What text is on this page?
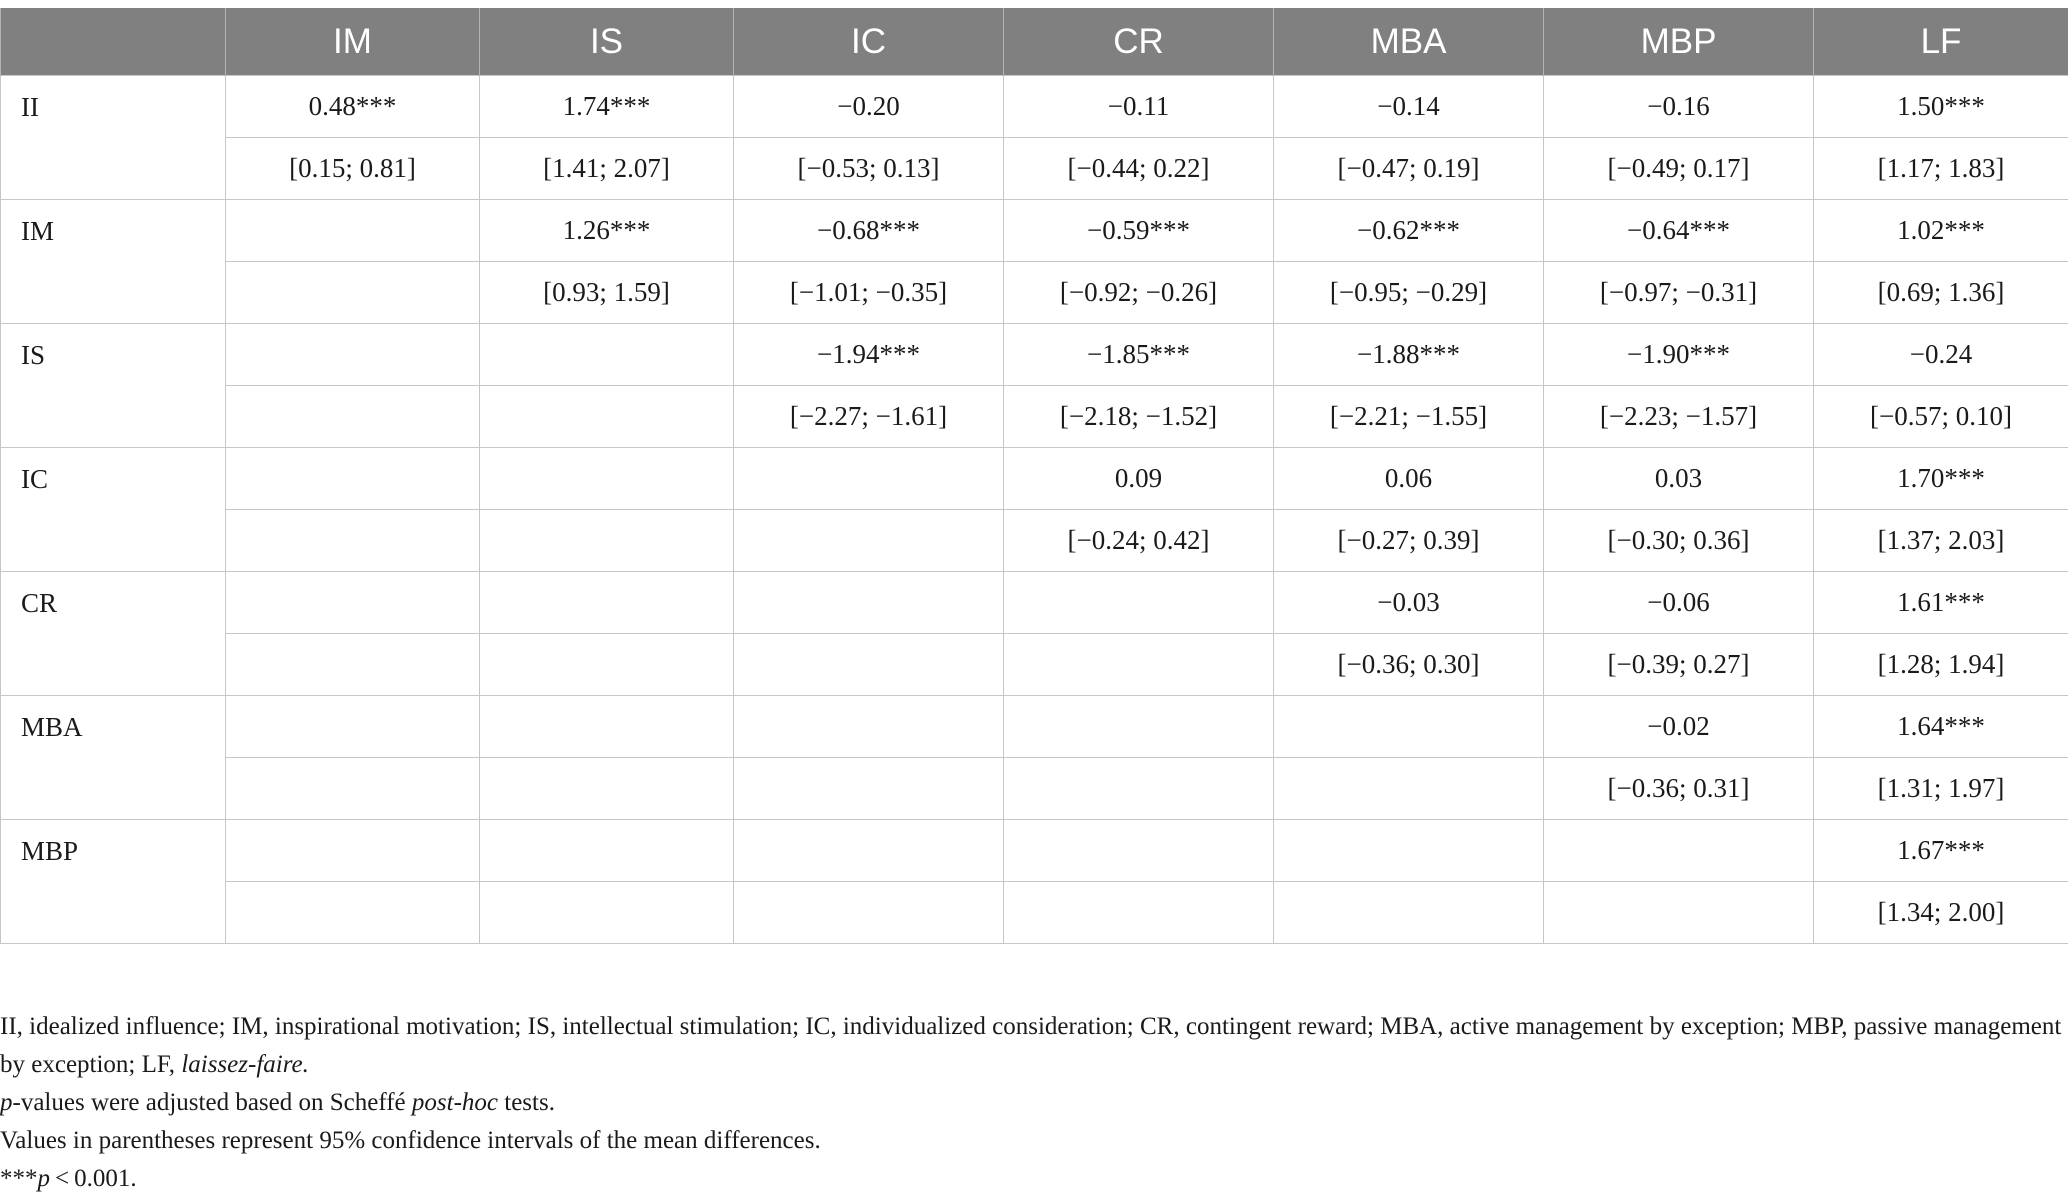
	IM	IS	IC	CR	MBA	MBP	LF
II	0.48***	1.74***	−0.20	−0.11	−0.14	−0.16	1.50***
	[0.15; 0.81]	[1.41; 2.07]	[−0.53; 0.13]	[−0.44; 0.22]	[−0.47; 0.19]	[−0.49; 0.17]	[1.17; 1.83]
IM		1.26***	−0.68***	−0.59***	−0.62***	−0.64***	1.02***
		[0.93; 1.59]	[−1.01; −0.35]	[−0.92; −0.26]	[−0.95; −0.29]	[−0.97; −0.31]	[0.69; 1.36]
IS			−1.94***	−1.85***	−1.88***	−1.90***	−0.24
			[−2.27; −1.61]	[−2.18; −1.52]	[−2.21; −1.55]	[−2.23; −1.57]	[−0.57; 0.10]
IC				0.09	0.06	0.03	1.70***
				[−0.24; 0.42]	[−0.27; 0.39]	[−0.30; 0.36]	[1.37; 2.03]
CR					−0.03	−0.06	1.61***
					[−0.36; 0.30]	[−0.39; 0.27]	[1.28; 1.94]
MBA						−0.02	1.64***
						[−0.36; 0.31]	[1.31; 1.97]
MBP							1.67***
							[1.34; 2.00]

II, idealized influence; IM, inspirational motivation; IS, intellectual stimulation; IC, individualized consideration; CR, contingent reward; MBA, active management by exception; MBP, passive management by exception; LF, laissez-faire.

p-values were adjusted based on Scheffé post-hoc tests.

Values in parentheses represent 95% confidence intervals of the mean differences.

***p < 0.001.
